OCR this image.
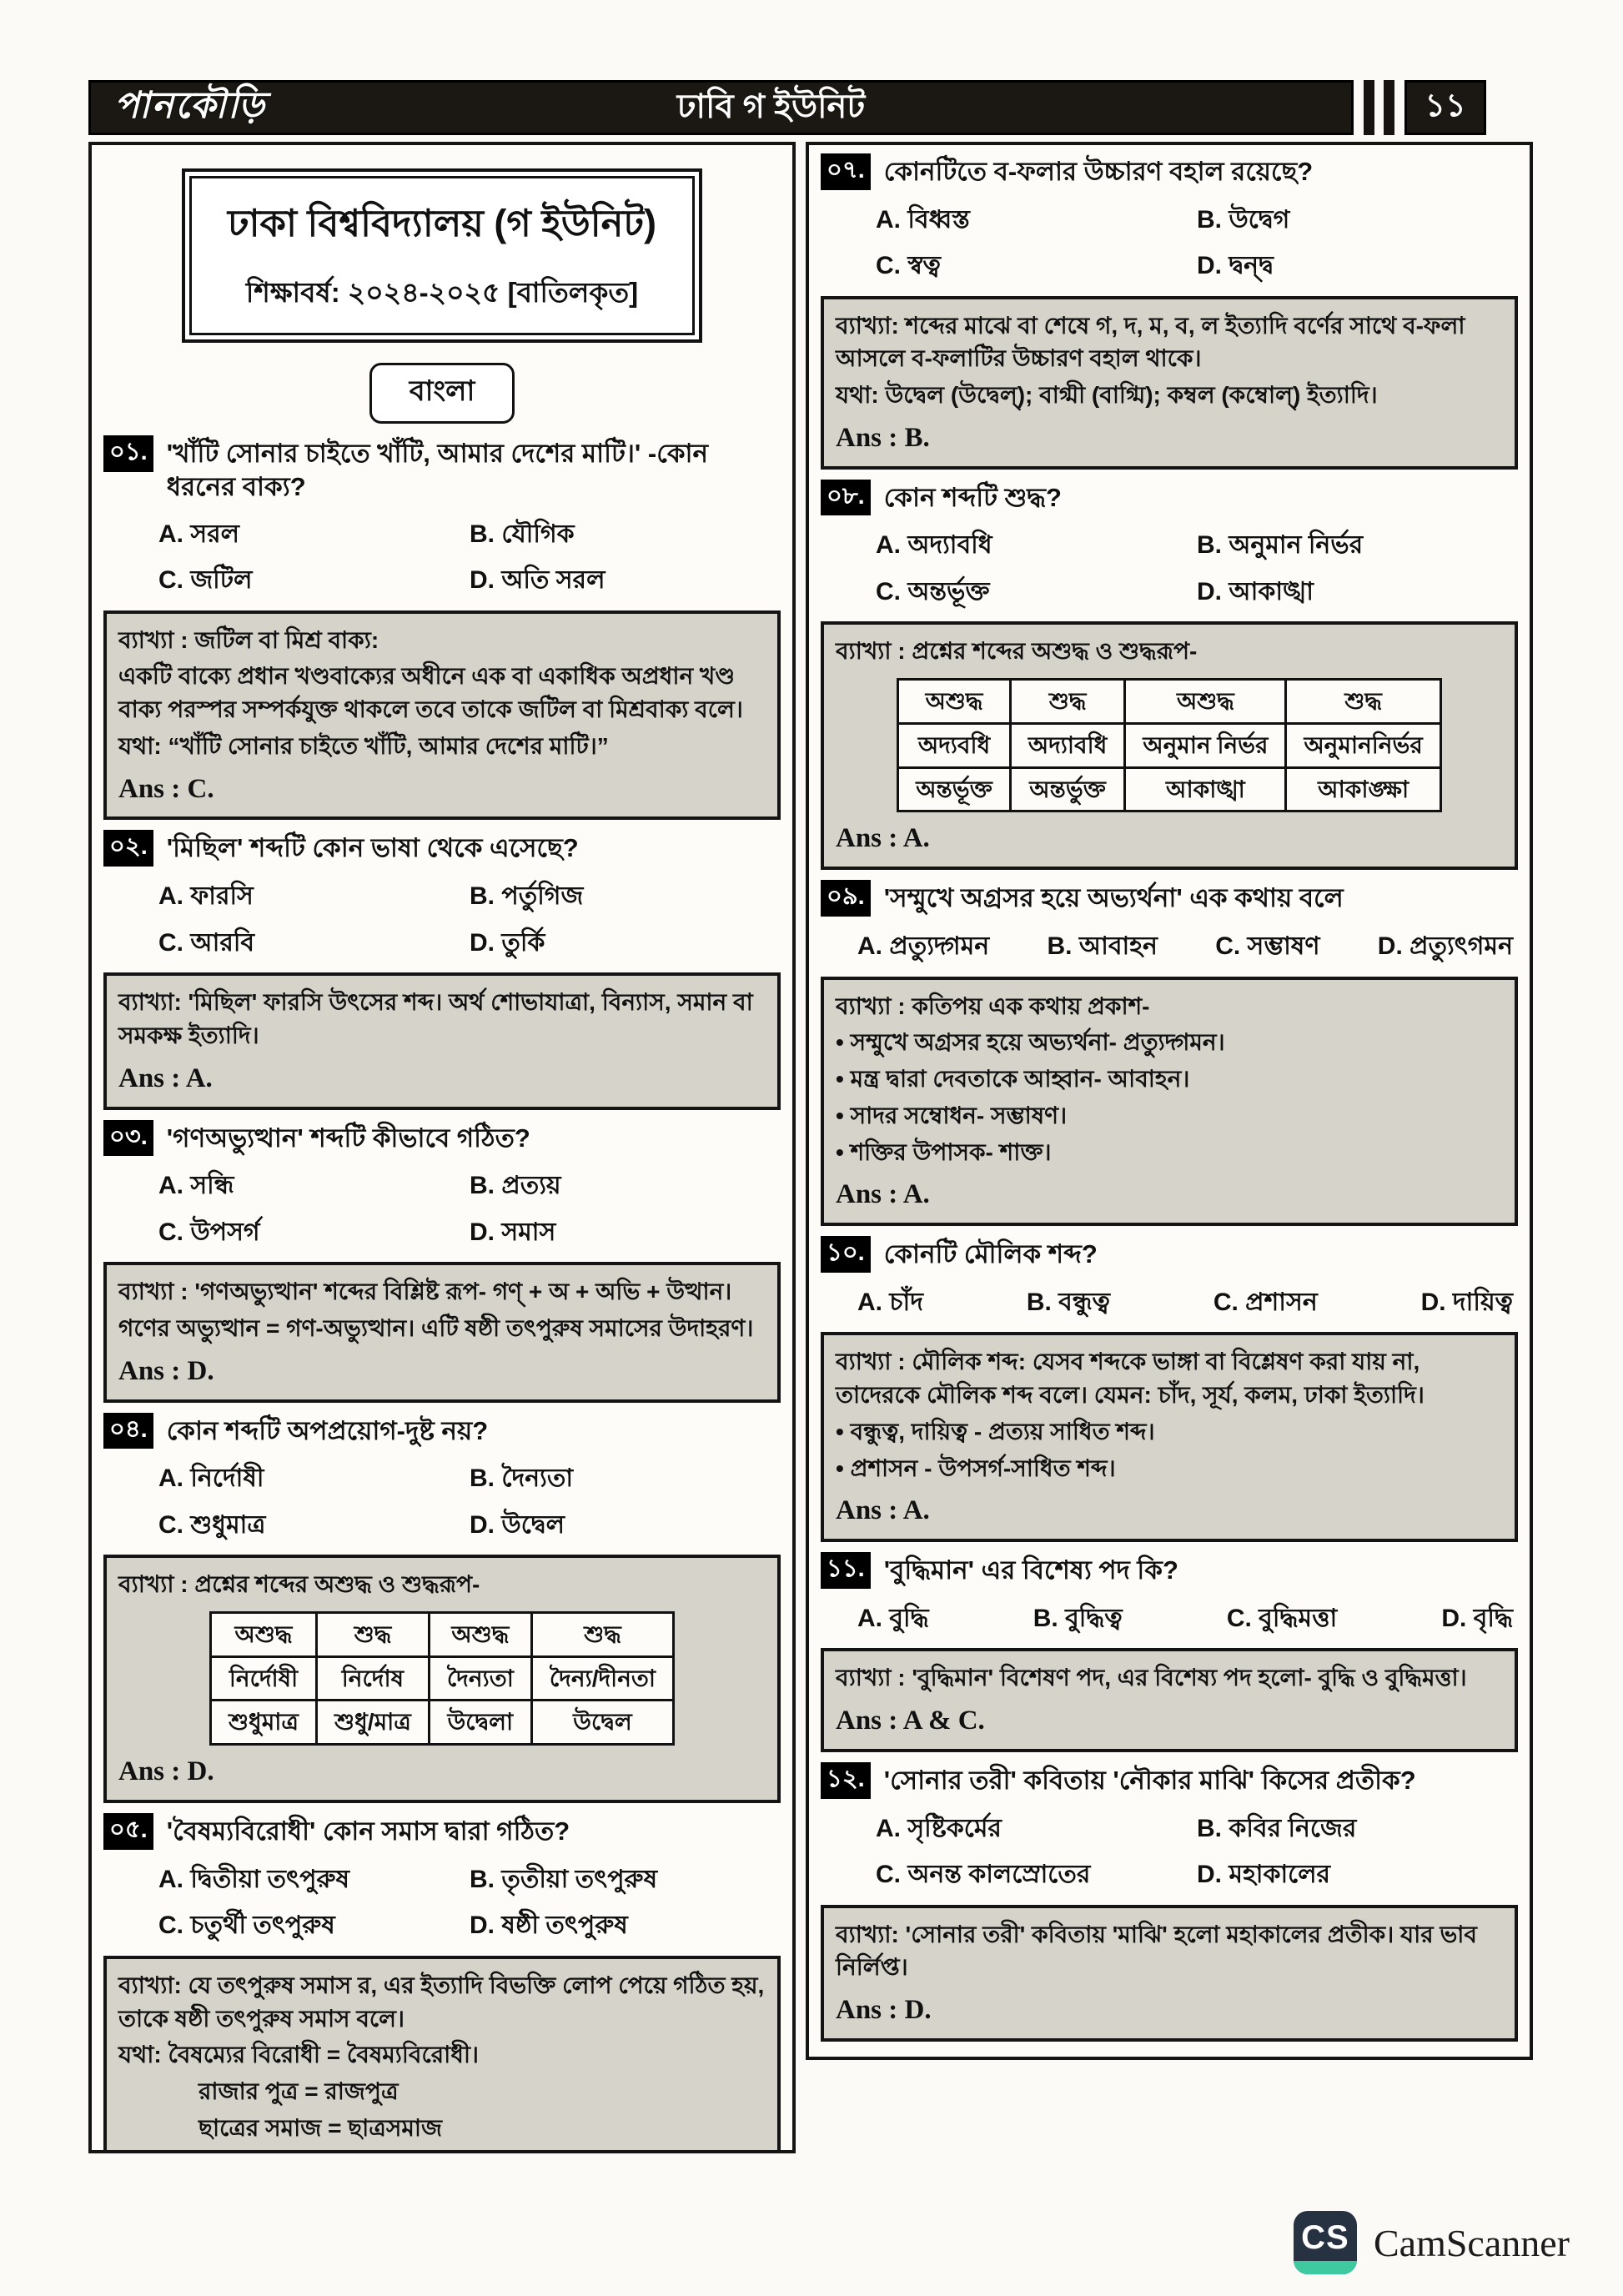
পানকৌড়ি	ঢাবি গ ইউনিট	১১
ঢাকা বিশ্ববিদ্যালয় (গ ইউনিট)
শিক্ষাবর্ষ: ২০২৪-২০২৫ [বাতিলকৃত]
বাংলা
০১. 'খাঁটি সোনার চাইতে খাঁটি, আমার দেশের মাটি।' -কোন ধরনের বাক্য?
A. সরল	B. যৌগিক
C. জটিল	D. অতি সরল
ব্যাখ্যা : জটিল বা মিশ্র বাক্য:
একটি বাক্যে প্রধান খণ্ডবাক্যের অধীনে এক বা একাধিক অপ্রধান খণ্ড বাক্য পরস্পর সম্পর্কযুক্ত থাকলে তবে তাকে জটিল বা মিশ্রবাক্য বলে।
যথা: “খাঁটি সোনার চাইতে খাঁটি, আমার দেশের মাটি।”
Ans : C.
০২. 'মিছিল' শব্দটি কোন ভাষা থেকে এসেছে?
A. ফারসি	B. পর্তুগিজ
C. আরবি	D. তুর্কি
ব্যাখ্যা: 'মিছিল' ফারসি উৎসের শব্দ। অর্থ শোভাযাত্রা, বিন্যাস, সমান বা সমকক্ষ ইত্যাদি।
Ans : A.
০৩. 'গণঅভ্যুত্থান' শব্দটি কীভাবে গঠিত?
A. সন্ধি	B. প্রত্যয়
C. উপসর্গ	D. সমাস
ব্যাখ্যা : 'গণঅভ্যুত্থান' শব্দের বিশ্লিষ্ট রূপ- গণ্ + অ + অভি + উত্থান।
গণের অভ্যুত্থান = গণ-অভ্যুত্থান। এটি ষষ্ঠী তৎপুরুষ সমাসের উদাহরণ।
Ans : D.
০৪. কোন শব্দটি অপপ্রয়োগ-দুষ্ট নয়?
A. নির্দোষী	B. দৈন্যতা
C. শুধুমাত্র	D. উদ্বেল
ব্যাখ্যা : প্রশ্নের শব্দের অশুদ্ধ ও শুদ্ধরূপ-
অশুদ্ধ	শুদ্ধ	অশুদ্ধ	শুদ্ধ
নির্দোষী	নির্দোষ	দৈন্যতা	দৈন্য/দীনতা
শুধুমাত্র	শুধু/মাত্র	উদ্বেলা	উদ্বেল
Ans : D.
০৫. 'বৈষম্যবিরোধী' কোন সমাস দ্বারা গঠিত?
A. দ্বিতীয়া তৎপুরুষ	B. তৃতীয়া তৎপুরুষ
C. চতুর্থী তৎপুরুষ	D. ষষ্ঠী তৎপুরুষ
ব্যাখ্যা: যে তৎপুরুষ সমাস র, এর ইত্যাদি বিভক্তি লোপ পেয়ে গঠিত হয়, তাকে ষষ্ঠী তৎপুরুষ সমাস বলে।
যথা: বৈষম্যের বিরোধী = বৈষম্যবিরোধী।
রাজার পুত্র = রাজপুত্র
ছাত্রের সমাজ = ছাত্রসমাজ
০৭. কোনটিতে ব-ফলার উচ্চারণ বহাল রয়েছে?
A. বিধ্বস্ত	B. উদ্বেগ
C. স্বত্ব	D. দ্বন্দ্ব
ব্যাখ্যা: শব্দের মাঝে বা শেষে গ, দ, ম, ব, ল ইত্যাদি বর্ণের সাথে ব-ফলা আসলে ব-ফলাটির উচ্চারণ বহাল থাকে।
যথা: উদ্বেল (উদ্বেল্); বাগ্মী (বাগ্মি); কম্বল (কম্বোল্) ইত্যাদি।
Ans : B.
০৮. কোন শব্দটি শুদ্ধ?
A. অদ্যাবধি	B. অনুমান নির্ভর
C. অন্তর্ভূক্ত	D. আকাঙ্খা
ব্যাখ্যা : প্রশ্নের শব্দের অশুদ্ধ ও শুদ্ধরূপ-
অশুদ্ধ	শুদ্ধ	অশুদ্ধ	শুদ্ধ
অদ্যবধি	অদ্যাবধি	অনুমান নির্ভর	অনুমাননির্ভর
অন্তর্ভূক্ত	অন্তর্ভুক্ত	আকাঙ্খা	আকাঙ্ক্ষা
Ans : A.
০৯. 'সম্মুখে অগ্রসর হয়ে অভ্যর্থনা' এক কথায় বলে
A. প্রত্যুদ্গমন B. আবাহন C. সম্ভাষণ D. প্রত্যুৎগমন
ব্যাখ্যা : কতিপয় এক কথায় প্রকাশ-
• সম্মুখে অগ্রসর হয়ে অভ্যর্থনা- প্রত্যুদ্গমন।
• মন্ত্র দ্বারা দেবতাকে আহ্বান- আবাহন।
• সাদর সম্বোধন- সম্ভাষণ।
• শক্তির উপাসক- শাক্ত।
Ans : A.
১০. কোনটি মৌলিক শব্দ?
A. চাঁদ	B. বন্ধুত্ব	C. প্রশাসন	D. দায়িত্ব
ব্যাখ্যা : মৌলিক শব্দ: যেসব শব্দকে ভাঙ্গা বা বিশ্লেষণ করা যায় না, তাদেরকে মৌলিক শব্দ বলে। যেমন: চাঁদ, সূর্য, কলম, ঢাকা ইত্যাদি।
• বন্ধুত্ব, দায়িত্ব - প্রত্যয় সাধিত শব্দ।
• প্রশাসন - উপসর্গ-সাধিত শব্দ।
Ans : A.
১১. 'বুদ্ধিমান' এর বিশেষ্য পদ কি?
A. বুদ্ধি	B. বুদ্ধিত্ব	C. বুদ্ধিমত্তা	D. বৃদ্ধি
ব্যাখ্যা : 'বুদ্ধিমান' বিশেষণ পদ, এর বিশেষ্য পদ হলো- বুদ্ধি ও বুদ্ধিমত্তা।
Ans : A & C.
১২. 'সোনার তরী' কবিতায় 'নৌকার মাঝি' কিসের প্রতীক?
A. সৃষ্টিকর্মের	B. কবির নিজের
C. অনন্ত কালস্রোতের	D. মহাকালের
ব্যাখ্যা: 'সোনার তরী' কবিতায় 'মাঝি' হলো মহাকালের প্রতীক। যার ভাব নির্লিপ্ত।
Ans : D.
CS CamScanner
